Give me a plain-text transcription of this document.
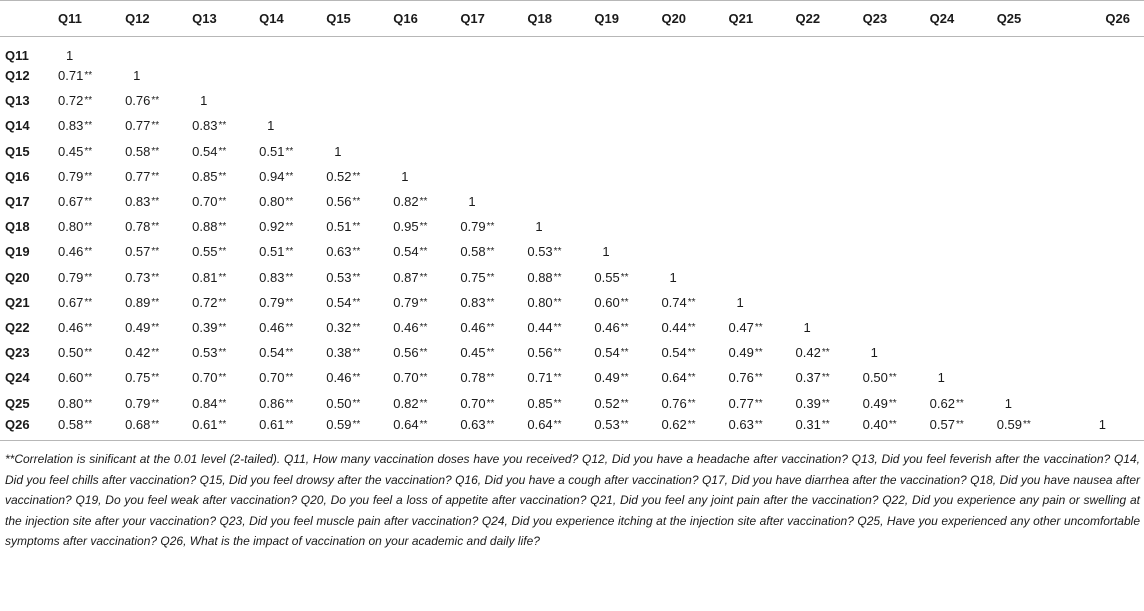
	Q11	Q12	Q13	Q14	Q15	Q16	Q17	Q18	Q19	Q20	Q21	Q22	Q23	Q24	Q25	Q26
Q11	1															
Q12	0.71**	1														
Q13	0.72**	0.76**	1													
Q14	0.83**	0.77**	0.83**	1												
Q15	0.45**	0.58**	0.54**	0.51**	1											
Q16	0.79**	0.77**	0.85**	0.94**	0.52**	1										
Q17	0.67**	0.83**	0.70**	0.80**	0.56**	0.82**	1									
Q18	0.80**	0.78**	0.88**	0.92**	0.51**	0.95**	0.79**	1								
Q19	0.46**	0.57**	0.55**	0.51**	0.63**	0.54**	0.58**	0.53**	1							
Q20	0.79**	0.73**	0.81**	0.83**	0.53**	0.87**	0.75**	0.88**	0.55**	1						
Q21	0.67**	0.89**	0.72**	0.79**	0.54**	0.79**	0.83**	0.80**	0.60**	0.74**	1					
Q22	0.46**	0.49**	0.39**	0.46**	0.32**	0.46**	0.46**	0.44**	0.46**	0.44**	0.47**	1				
Q23	0.50**	0.42**	0.53**	0.54**	0.38**	0.56**	0.45**	0.56**	0.54**	0.54**	0.49**	0.42**	1			
Q24	0.60**	0.75**	0.70**	0.70**	0.46**	0.70**	0.78**	0.71**	0.49**	0.64**	0.76**	0.37**	0.50**	1		
Q25	0.80**	0.79**	0.84**	0.86**	0.50**	0.82**	0.70**	0.85**	0.52**	0.76**	0.77**	0.39**	0.49**	0.62**	1	
Q26	0.58**	0.68**	0.61**	0.61**	0.59**	0.64**	0.63**	0.64**	0.53**	0.62**	0.63**	0.31**	0.40**	0.57**	0.59**	1
**Correlation is sinificant at the 0.01 level (2-tailed). Q11, How many vaccination doses have you received? Q12, Did you have a headache after vaccination? Q13, Did you feel feverish after the vaccination? Q14, Did you feel chills after vaccination? Q15, Did you feel drowsy after the vaccination? Q16, Did you have a cough after vaccination? Q17, Did you have diarrhea after the vaccination? Q18, Did you have nausea after vaccination? Q19, Do you feel weak after vaccination? Q20, Do you feel a loss of appetite after vaccination? Q21, Did you feel any joint pain after the vaccination? Q22, Did you experience any pain or swelling at the injection site after your vaccination? Q23, Did you feel muscle pain after vaccination? Q24, Did you experience itching at the injection site after vaccination? Q25, Have you experienced any other uncomfortable symptoms after vaccination? Q26, What is the impact of vaccination on your academic and daily life?
